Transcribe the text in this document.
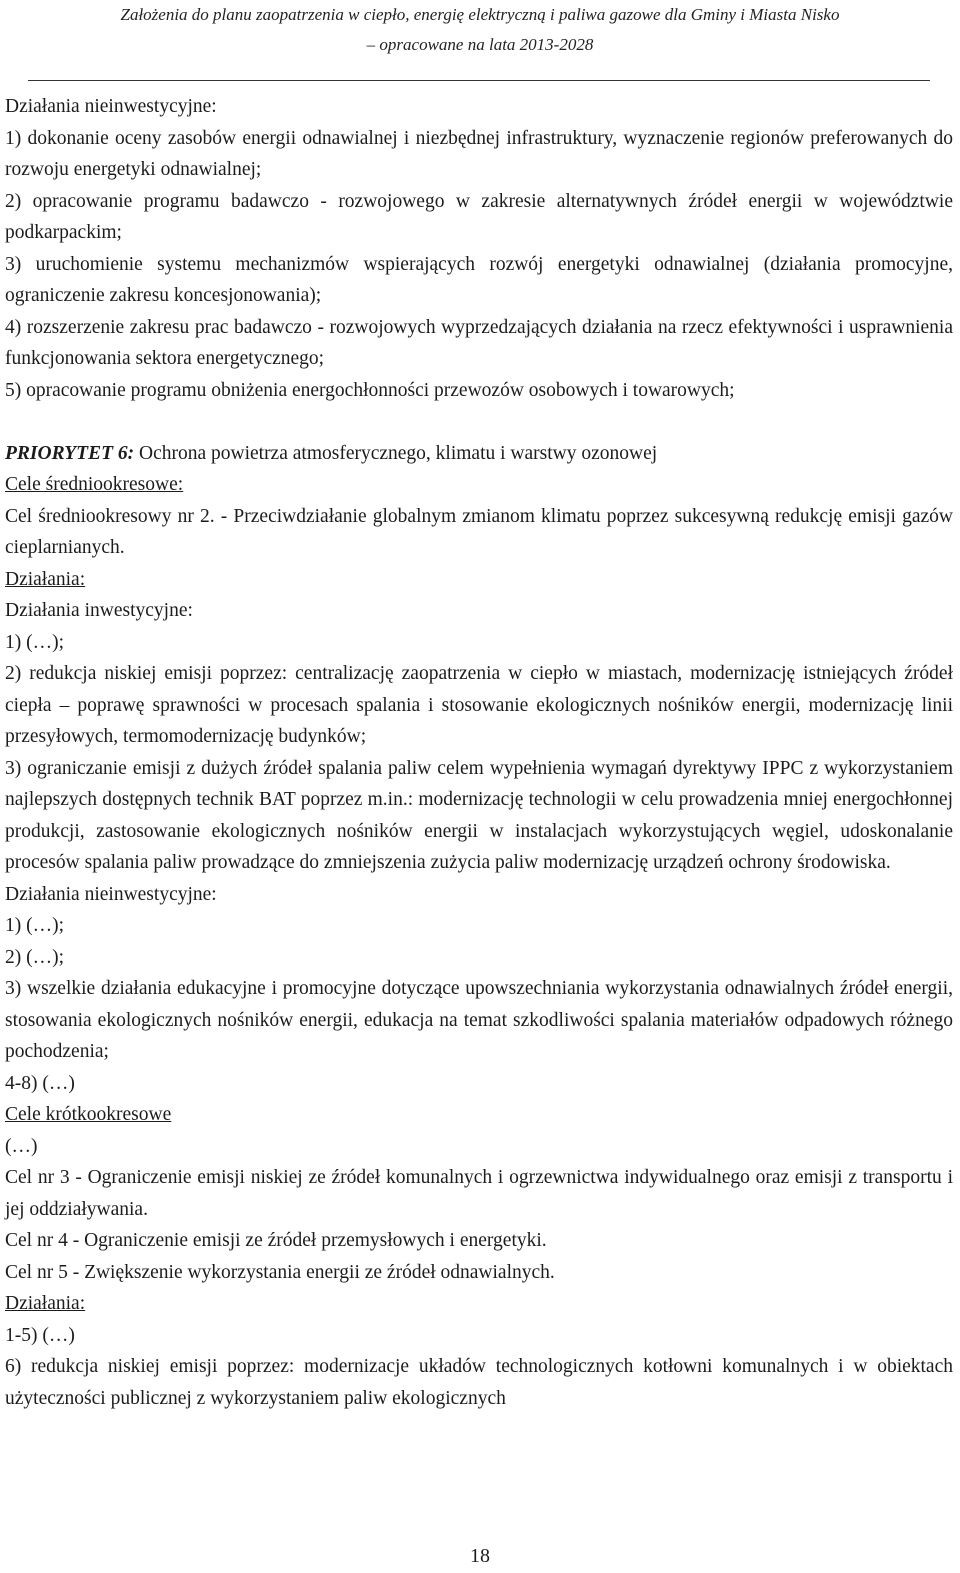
Założenia do planu zaopatrzenia w ciepło, energię elektryczną i paliwa gazowe dla Gminy i Miasta Nisko
– opracowane na lata 2013-2028

Działania nieinwestycyjne:

1) dokonanie oceny zasobów energii odnawialnej i niezbędnej infrastruktury, wyznaczenie regionów preferowanych do rozwoju energetyki odnawialnej;

2) opracowanie programu badawczo - rozwojowego w zakresie alternatywnych źródeł energii w województwie podkarpackim;

3) uruchomienie systemu mechanizmów wspierających rozwój energetyki odnawialnej (działania promocyjne, ograniczenie zakresu koncesjonowania);

4) rozszerzenie zakresu prac badawczo - rozwojowych wyprzedzających działania na rzecz efektywności i usprawnienia funkcjonowania sektora energetycznego;

5) opracowanie programu obniżenia energochłonności przewozów osobowych i towarowych;

PRIORYTET 6: Ochrona powietrza atmosferycznego, klimatu i warstwy ozonowej

Cele średniookresowe:

Cel średniookresowy nr 2. - Przeciwdziałanie globalnym zmianom klimatu poprzez sukcesywną redukcję emisji gazów cieplarnianych.

Działania:

Działania inwestycyjne:

1) (…);

2) redukcja niskiej emisji poprzez: centralizację zaopatrzenia w ciepło w miastach, modernizację istniejących źródeł ciepła – poprawę sprawności w procesach spalania i stosowanie ekologicznych nośników energii, modernizację linii przesyłowych, termomodernizację budynków;

3) ograniczanie emisji z dużych źródeł spalania paliw celem wypełnienia wymagań dyrektywy IPPC z wykorzystaniem najlepszych dostępnych technik BAT poprzez m.in.: modernizację technologii w celu prowadzenia mniej energochłonnej produkcji, zastosowanie ekologicznych nośników energii w instalacjach wykorzystujących węgiel, udoskonalanie procesów spalania paliw prowadzące do zmniejszenia zużycia paliw modernizację urządzeń ochrony środowiska.

Działania nieinwestycyjne:

1) (…);

2) (…);

3) wszelkie działania edukacyjne i promocyjne dotyczące upowszechniania wykorzystania odnawialnych źródeł energii, stosowania ekologicznych nośników energii, edukacja na temat szkodliwości spalania materiałów odpadowych różnego pochodzenia;

4-8) (…)

Cele krótkookresowe

(…)

Cel nr 3 - Ograniczenie emisji niskiej ze źródeł komunalnych i ogrzewnictwa indywidualnego oraz emisji z transportu i jej oddziaływania.

Cel nr 4 - Ograniczenie emisji ze źródeł przemysłowych i energetyki.

Cel nr 5 - Zwiększenie wykorzystania energii ze źródeł odnawialnych.

Działania:

1-5) (…)

6) redukcja niskiej emisji poprzez: modernizacje układów technologicznych kotłowni komunalnych i w obiektach użyteczności publicznej z wykorzystaniem paliw ekologicznych

18
